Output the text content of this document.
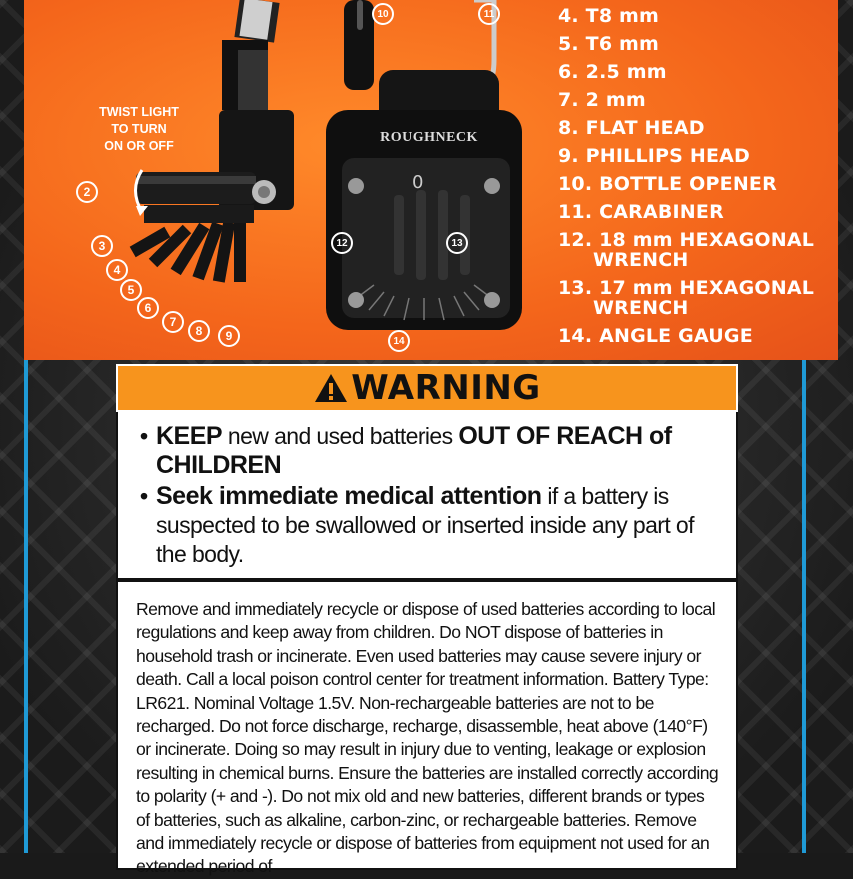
TWIST LIGHT
TO TURN
ON OR OFF
ROUGHNECK
0
2
3
4
5
6
7
8	9
10	11
12	13
14
4. T8 mm
5. T6 mm
6. 2.5 mm
7. 2 mm
8. FLAT HEAD
9. PHILLIPS HEAD
10. BOTTLE OPENER
11. CARABINER
12. 18 mm HEXAGONAL
WRENCH
13. 17 mm HEXAGONAL
WRENCH
14. ANGLE GAUGE
WARNING
• KEEP new and used batteries OUT OF REACH of CHILDREN
• Seek immediate medical attention if a battery is suspected to be swallowed or inserted inside any part of the body.
Remove and immediately recycle or dispose of used batteries according to local regulations and keep away from children. Do NOT dispose of batteries in household trash or incinerate. Even used batteries may cause severe injury or death. Call a local poison control center for treatment information. Battery Type: LR621. Nominal Voltage 1.5V. Non-rechargeable batteries are not to be recharged. Do not force discharge, recharge, disassemble, heat above (140°F) or incinerate. Doing so may result in injury due to venting, leakage or explosion resulting in chemical burns. Ensure the batteries are installed correctly according to polarity (+ and -). Do not mix old and new batteries, different brands or types of batteries, such as alkaline, carbon-zinc, or rechargeable batteries. Remove and immediately recycle or dispose of batteries from equipment not used for an extended period of
